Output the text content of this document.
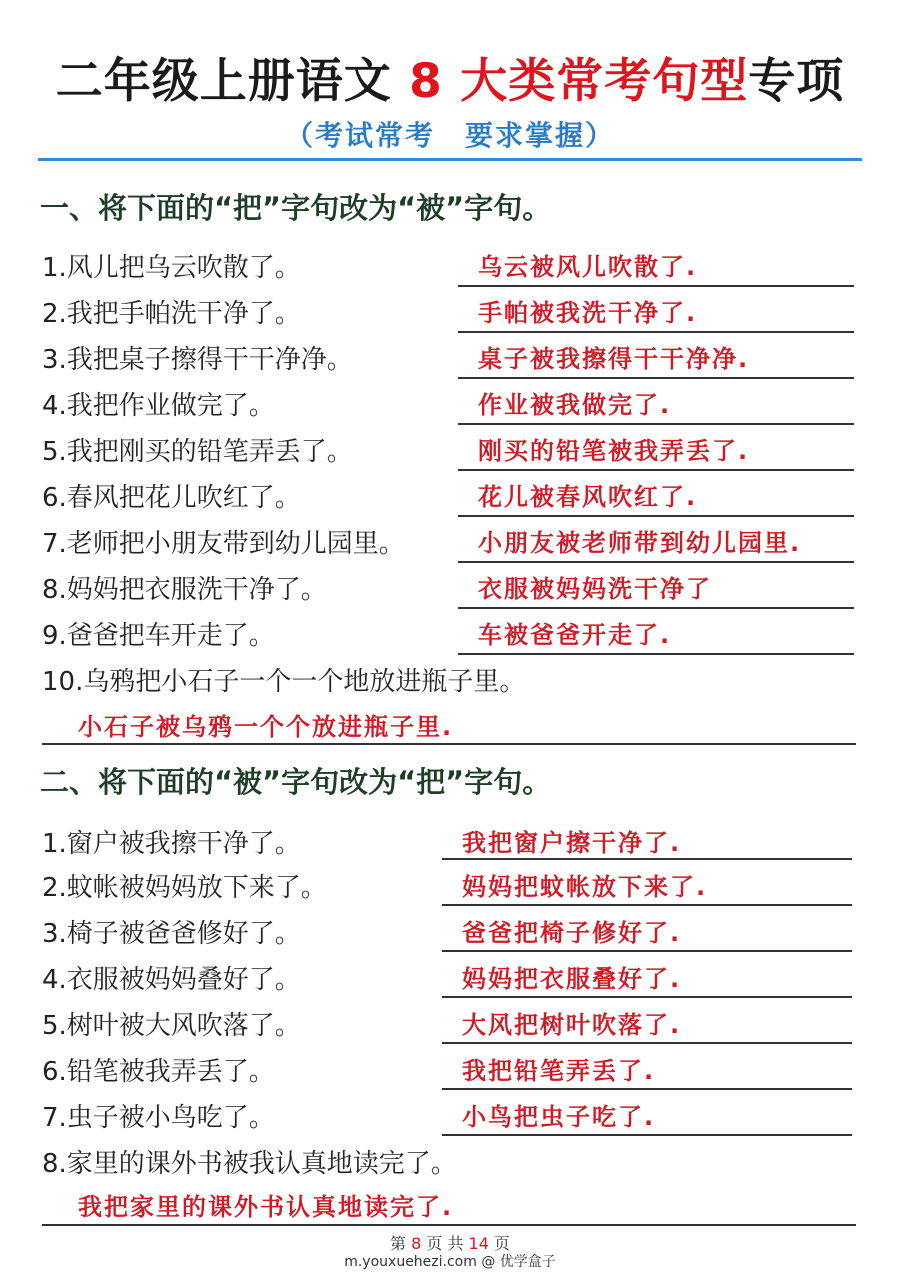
二年级上册语文 8 大类常考句型专项
（考试常考　要求掌握）
一、将下面的“把”字句改为“被”字句。
1.风儿把乌云吹散了。	乌云被风儿吹散了.
2.我把手帕洗干净了。	手帕被我洗干净了.
3.我把桌子擦得干干净净。	桌子被我擦得干干净净.
4.我把作业做完了。	作业被我做完了.
5.我把刚买的铅笔弄丢了。	刚买的铅笔被我弄丢了.
6.春风把花儿吹红了。	花儿被春风吹红了.
7.老师把小朋友带到幼儿园里。	小朋友被老师带到幼儿园里.
8.妈妈把衣服洗干净了。	衣服被妈妈洗干净了
9.爸爸把车开走了。	车被爸爸开走了.
10.乌鸦把小石子一个一个地放进瓶子里。
小石子被乌鸦一个个放进瓶子里.
二、将下面的“被”字句改为“把”字句。
1.窗户被我擦干净了。	我把窗户擦干净了.
2.蚊帐被妈妈放下来了。	妈妈把蚊帐放下来了.
3.椅子被爸爸修好了。	爸爸把椅子修好了.
4.衣服被妈妈叠好了。	妈妈把衣服叠好了.
5.树叶被大风吹落了。	大风把树叶吹落了.
6.铅笔被我弄丢了。	我把铅笔弄丢了.
7.虫子被小鸟吃了。	小鸟把虫子吃了.
8.家里的课外书被我认真地读完了。
我把家里的课外书认真地读完了.
第 8 页 共 14 页
m.youxuehezi.com @ 优学盒子
